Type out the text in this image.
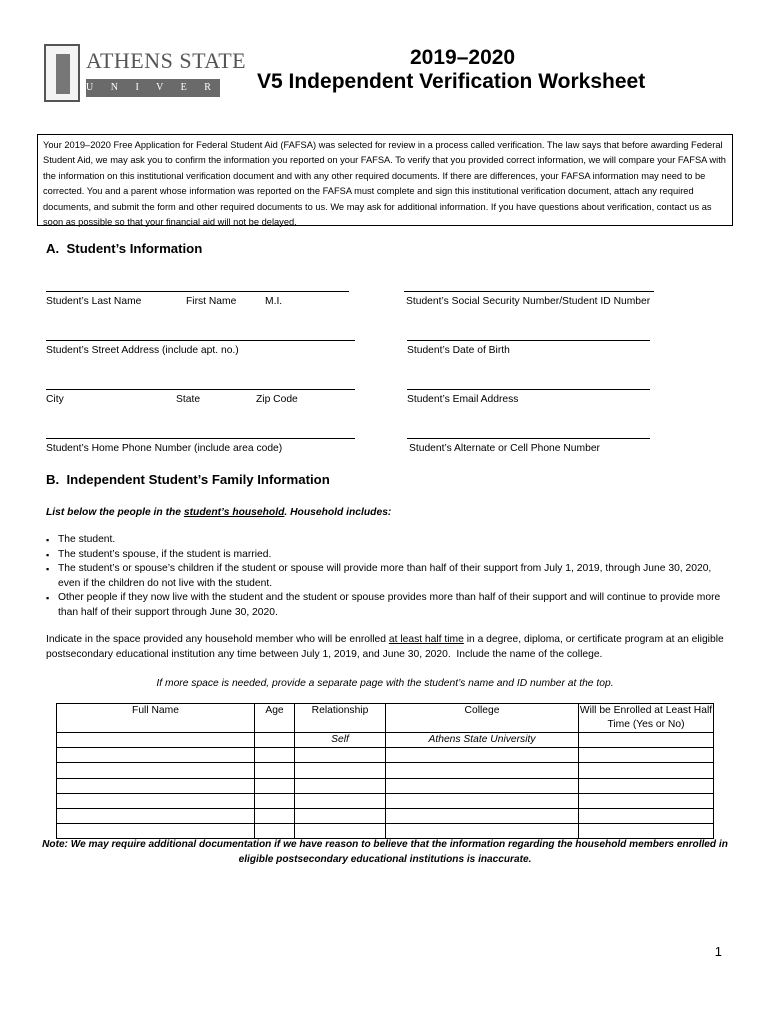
ATHENS STATE
U N I V E R S I T Y
2019–2020
V5 Independent Verification Worksheet
Your 2019–2020 Free Application for Federal Student Aid (FAFSA) was selected for review in a process called verification. The law says that before awarding Federal Student Aid, we may ask you to confirm the information you reported on your FAFSA. To verify that you provided correct information, we will compare your FAFSA with the information on this institutional verification document and with any other required documents. If there are differences, your FAFSA information may need to be corrected. You and a parent whose information was reported on the FAFSA must complete and sign this institutional verification document, attach any required documents, and submit the form and other required documents to us. We may ask for additional information. If you have questions about verification, contact us as soon as possible so that your financial aid will not be delayed.
A.  Student’s Information
Student’s Last Name	First Name	M.I.	Student’s Social Security Number/Student ID Number
Student’s Street Address (include apt. no.)	Student’s Date of Birth
City	State	Zip Code	Student’s Email Address
Student’s Home Phone Number (include area code)	Student’s Alternate or Cell Phone Number
B.  Independent Student’s Family Information
List below the people in the student’s household. Household includes:
▪ The student.
▪ The student’s spouse, if the student is married.
▪ The student’s or spouse’s children if the student or spouse will provide more than half of their support from July 1, 2019, through June 30, 2020, even if the children do not live with the student.
▪ Other people if they now live with the student and the student or spouse provides more than half of their support and will continue to provide more than half of their support through June 30, 2020.
Indicate in the space provided any household member who will be enrolled at least half time in a degree, diploma, or certificate program at an eligible postsecondary educational institution any time between July 1, 2019, and June 30, 2020.  Include the name of the college.
If more space is needed, provide a separate page with the student’s name and ID number at the top.
Full Name	Age	Relationship	College	Will be Enrolled at Least Half Time (Yes or No)
		Self	Athens State University	

Note: We may require additional documentation if we have reason to believe that the information regarding the household members enrolled in
eligible postsecondary educational institutions is inaccurate.
1
